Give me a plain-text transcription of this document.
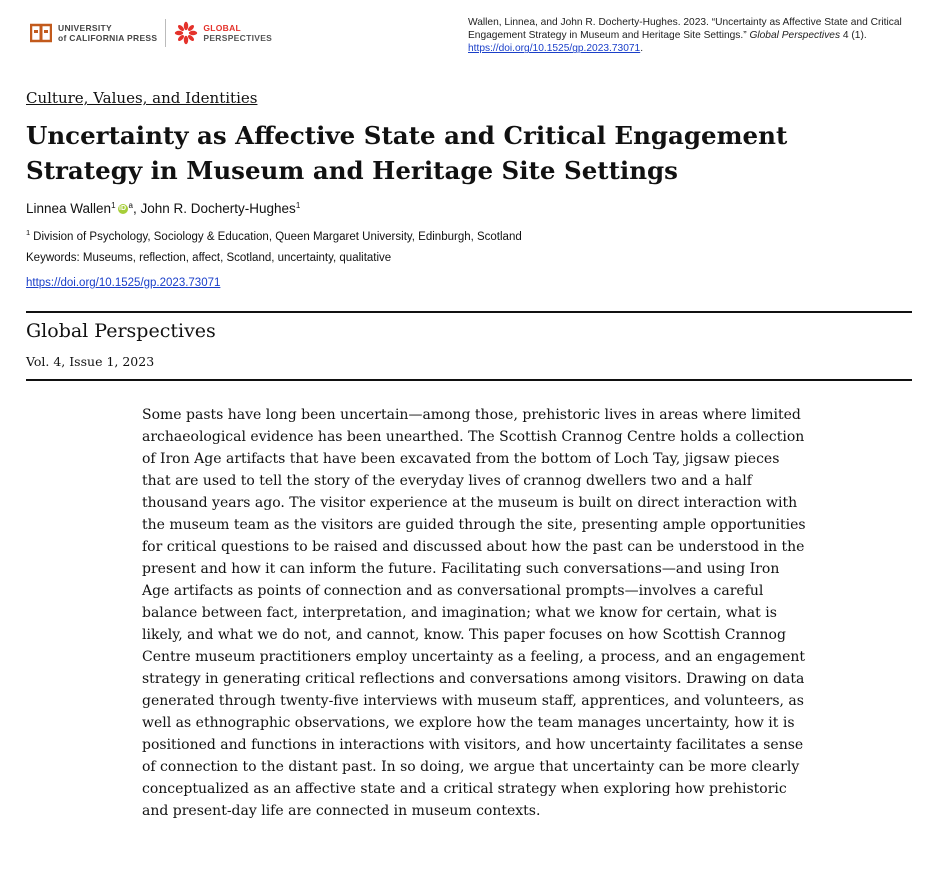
UNIVERSITY
of CALIFORNIA PRESS
GLOBAL
PERSPECTIVES
Wallen, Linnea, and John R. Docherty-Hughes. 2023. “Uncertainty as Affective State and Critical Engagement Strategy in Museum and Heritage Site Settings.” Global Perspectives 4 (1). https://doi.org/10.1525/gp.2023.73071.
Culture, Values, and Identities
Uncertainty as Affective State and Critical Engagement Strategy in Museum and Heritage Site Settings
Linnea Wallen$^1$ iD $^a$ , John R. Docherty-Hughes$^1$
$^1$ Division of Psychology, Sociology & Education, Queen Margaret University, Edinburgh, Scotland
Keywords: Museums, reflection, affect, Scotland, uncertainty, qualitative
https://doi.org/10.1525/gp.2023.73071
Global Perspectives
Vol. 4, Issue 1, 2023

Some pasts have long been uncertain—among those, prehistoric lives in areas where limited archaeological evidence has been unearthed. The Scottish Crannog Centre holds a collection of Iron Age artifacts that have been excavated from the bottom of Loch Tay, jigsaw pieces that are used to tell the story of the everyday lives of crannog dwellers two and a half thousand years ago. The visitor experience at the museum is built on direct interaction with the museum team as the visitors are guided through the site, presenting ample opportunities for critical questions to be raised and discussed about how the past can be understood in the present and how it can inform the future. Facilitating such conversations—and using Iron Age artifacts as points of connection and as conversational prompts—involves a careful balance between fact, interpretation, and imagination; what we know for certain, what is likely, and what we do not, and cannot, know. This paper focuses on how Scottish Crannog Centre museum practitioners employ uncertainty as a feeling, a process, and an engagement strategy in generating critical reflections and conversations among visitors. Drawing on data generated through twenty-five interviews with museum staff, apprentices, and volunteers, as well as ethnographic observations, we explore how the team manages uncertainty, how it is positioned and functions in interactions with visitors, and how uncertainty facilitates a sense of connection to the distant past. In so doing, we argue that uncertainty can be more clearly conceptualized as an affective state and a critical strategy when exploring how prehistoric and present-day life are connected in museum contexts.
